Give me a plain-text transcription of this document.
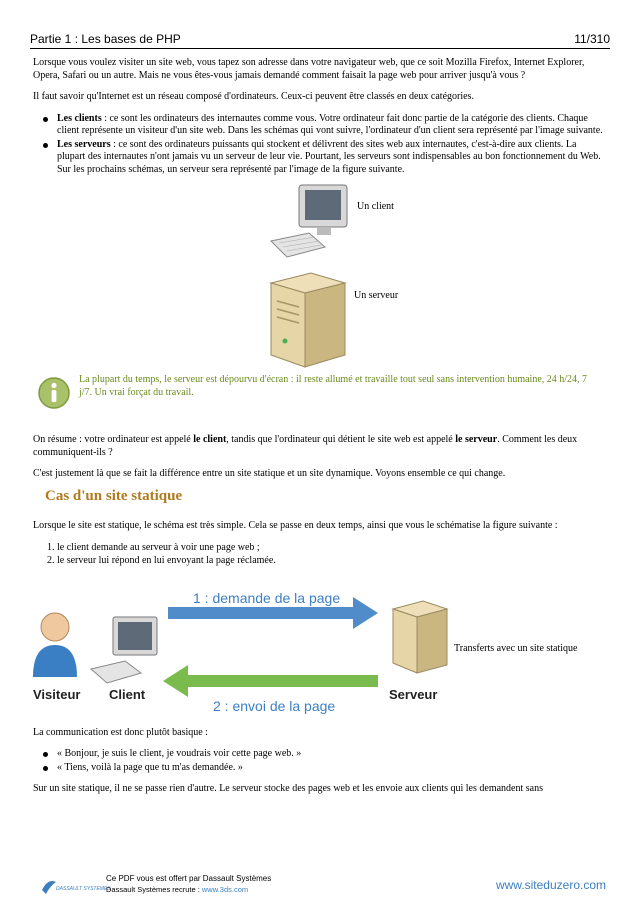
Partie 1 : Les bases de PHP	11/310

Lorsque vous voulez visiter un site web, vous tapez son adresse dans votre navigateur web, que ce soit Mozilla Firefox, Internet Explorer, Opera, Safari ou un autre. Mais ne vous êtes-vous jamais demandé comment faisait la page web pour arriver jusqu'à vous ?

Il faut savoir qu'Internet est un réseau composé d'ordinateurs. Ceux-ci peuvent être classés en deux catégories.

Les clients : ce sont les ordinateurs des internautes comme vous. Votre ordinateur fait donc partie de la catégorie des clients. Chaque client représente un visiteur d'un site web. Dans les schémas qui vont suivre, l'ordinateur d'un client sera représenté par l'image suivante.
Les serveurs : ce sont des ordinateurs puissants qui stockent et délivrent des sites web aux internautes, c'est-à-dire aux clients. La plupart des internautes n'ont jamais vu un serveur de leur vie. Pourtant, les serveurs sont indispensables au bon fonctionnement du Web. Sur les prochains schémas, un serveur sera représenté par l'image de la figure suivante.
Un client
Un serveur
La plupart du temps, le serveur est dépourvu d'écran : il reste allumé et travaille tout seul sans intervention humaine, 24 h/24, 7 j/7. Un vrai forçat du travail.

On résume : votre ordinateur est appelé le client, tandis que l'ordinateur qui détient le site web est appelé le serveur. Comment les deux communiquent-ils ?

C'est justement là que se fait la différence entre un site statique et un site dynamique. Voyons ensemble ce qui change.

Cas d'un site statique

Lorsque le site est statique, le schéma est très simple. Cela se passe en deux temps, ainsi que vous le schématise la figure suivante :

1. le client demande au serveur à voir une page web ;
2. le serveur lui répond en lui envoyant la page réclamée.
1 : demande de la page
2 : envoi de la page
Visiteur Client	Serveur
Transferts avec un site statique

La communication est donc plutôt basique :

« Bonjour, je suis le client, je voudrais voir cette page web. »
« Tiens, voilà la page que tu m'as demandée. »

Sur un site statique, il ne se passe rien d'autre. Le serveur stocke des pages web et les envoie aux clients qui les demandent sans

DASSAULT SYSTEMES
Ce PDF vous est offert par Dassault Systèmes
Dassault Systèmes recrute : www.3ds.com	www.siteduzero.com
